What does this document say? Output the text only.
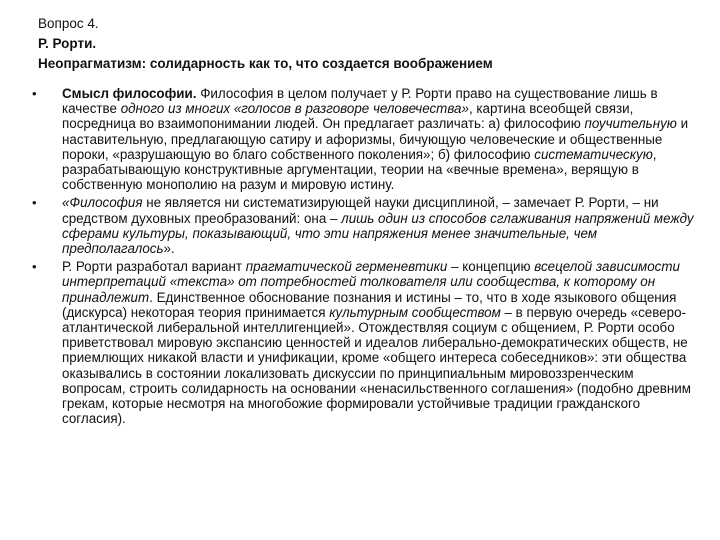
Вопрос 4.
Р. Рорти.
Неопрагматизм: солидарность как то, что создается воображением
• Смысл философии. Философия в целом получает у Р. Рорти право на существование лишь в качестве одного из многих «голосов в разговоре человечества», картина всеобщей связи, посредница во взаимопонимании людей. Он предлагает различать: а) философию поучительную и наставительную, предлагающую сатиру и афоризмы, бичующую человеческие и общественные пороки, «разрушающую во благо собственного поколения»; б) философию систематическую, разрабатывающую конструктивные аргументации, теории на «вечные времена», верящую в собственную монополию на разум и мировую истину.

• «Философия не является ни систематизирующей науки дисциплиной, – замечает Р. Рорти, – ни средством духовных преобразований: она – лишь один из способов сглаживания напряжений между сферами культуры, показывающий, что эти напряжения менее значительные, чем предполагалось».

• Р. Рорти разработал вариант прагматической герменевтики – концепцию всецелой зависимости интерпретаций «текста» от потребностей толкователя или сообщества, к которому он принадлежит. Единственное обоснование познания и истины – то, что в ходе языкового общения (дискурса) некоторая теория принимается культурным сообществом – в первую очередь «северо-атлантической либеральной интеллигенцией». Отождествляя социум с общением, Р. Рорти особо приветствовал мировую экспансию ценностей и идеалов либерально-демократических обществ, не приемлющих никакой власти и унификации, кроме «общего интереса собеседников»: эти общества оказывались в состоянии локализовать дискуссии по принципиальным мировоззренческим вопросам, строить солидарность на основании «ненасильственного соглашения» (подобно древним грекам, которые несмотря на многобожие формировали устойчивые традиции гражданского согласия).
